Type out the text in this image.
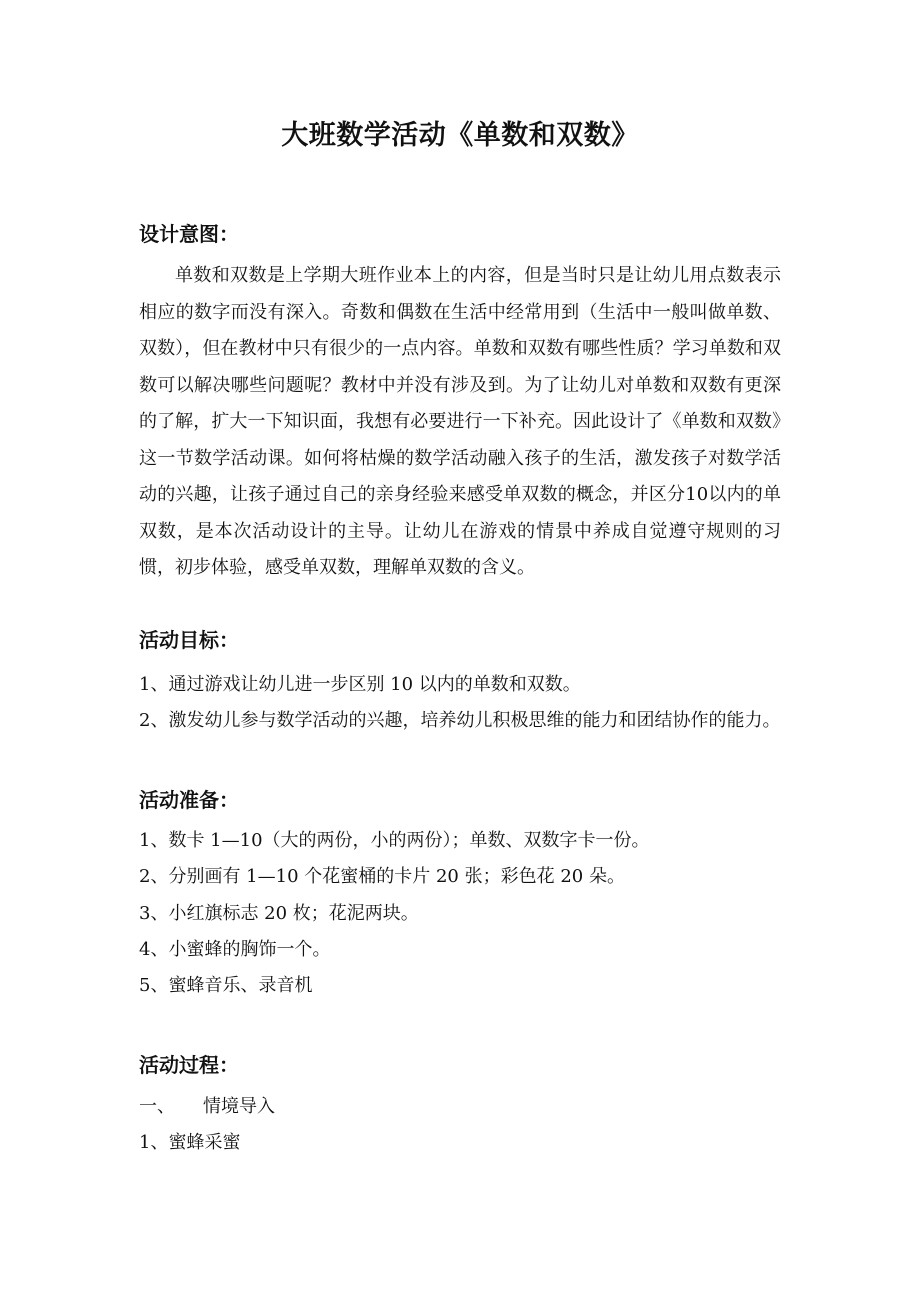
大班数学活动《单数和双数》
设计意图：

单数和双数是上学期大班作业本上的内容，但是当时只是让幼儿用点数表示相应的数字而没有深入。奇数和偶数在生活中经常用到（生活中一般叫做单数、双数），但在教材中只有很少的一点内容。单数和双数有哪些性质？学习单数和双数可以解决哪些问题呢？教材中并没有涉及到。为了让幼儿对单数和双数有更深的了解，扩大一下知识面，我想有必要进行一下补充。因此设计了《单数和双数》这一节数学活动课。如何将枯燥的数学活动融入孩子的生活，激发孩子对数学活动的兴趣，让孩子通过自己的亲身经验来感受单双数的概念，并区分10以内的单双数，是本次活动设计的主导。让幼儿在游戏的情景中养成自觉遵守规则的习惯，初步体验，感受单双数，理解单双数的含义。

活动目标：
1、通过游戏让幼儿进一步区别 10 以内的单数和双数。
2、激发幼儿参与数学活动的兴趣，培养幼儿积极思维的能力和团结协作的能力。
活动准备：
1、数卡 1—10（大的两份，小的两份）；单数、双数字卡一份。
2、分别画有 1—10 个花蜜桶的卡片 20 张；彩色花 20 朵。
3、小红旗标志 20 枚；花泥两块。
4、小蜜蜂的胸饰一个。
5、蜜蜂音乐、录音机
活动过程：
一、 情境导入
1、蜜蜂采蜜
